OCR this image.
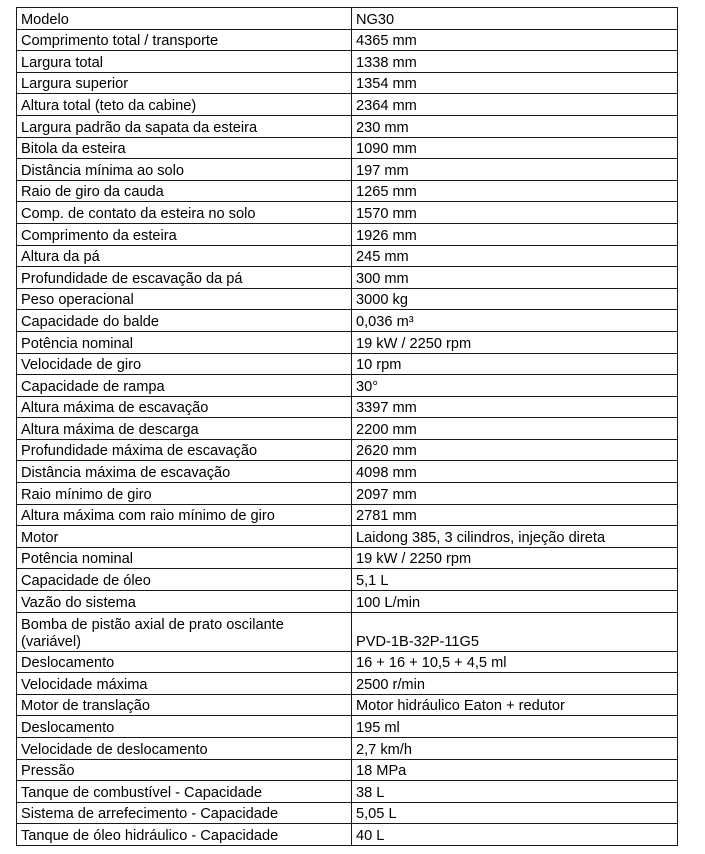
Modelo	NG30
Comprimento total / transporte	4365 mm
Largura total	1338 mm
Largura superior	1354 mm
Altura total (teto da cabine)	2364 mm
Largura padrão da sapata da esteira	230 mm
Bitola da esteira	1090 mm
Distância mínima ao solo	197 mm
Raio de giro da cauda	1265 mm
Comp. de contato da esteira no solo	1570 mm
Comprimento da esteira	1926 mm
Altura da pá	245 mm
Profundidade de escavação da pá	300 mm
Peso operacional	3000 kg
Capacidade do balde	0,036 m³
Potência nominal	19 kW / 2250 rpm
Velocidade de giro	10 rpm
Capacidade de rampa	30°
Altura máxima de escavação	3397 mm
Altura máxima de descarga	2200 mm
Profundidade máxima de escavação	2620 mm
Distância máxima de escavação	4098 mm
Raio mínimo de giro	2097 mm
Altura máxima com raio mínimo de giro	2781 mm
Motor	Laidong 385, 3 cilindros, injeção direta
Potência nominal	19 kW / 2250 rpm
Capacidade de óleo	5,1 L
Vazão do sistema	100 L/min
Bomba de pistão axial de prato oscilante (variável)	PVD-1B-32P-11G5
Deslocamento	16 + 16 + 10,5 + 4,5 ml
Velocidade máxima	2500 r/min
Motor de translação	Motor hidráulico Eaton + redutor
Deslocamento	195 ml
Velocidade de deslocamento	2,7 km/h
Pressão	18 MPa
Tanque de combustível - Capacidade	38 L
Sistema de arrefecimento - Capacidade	5,05 L
Tanque de óleo hidráulico - Capacidade	40 L
